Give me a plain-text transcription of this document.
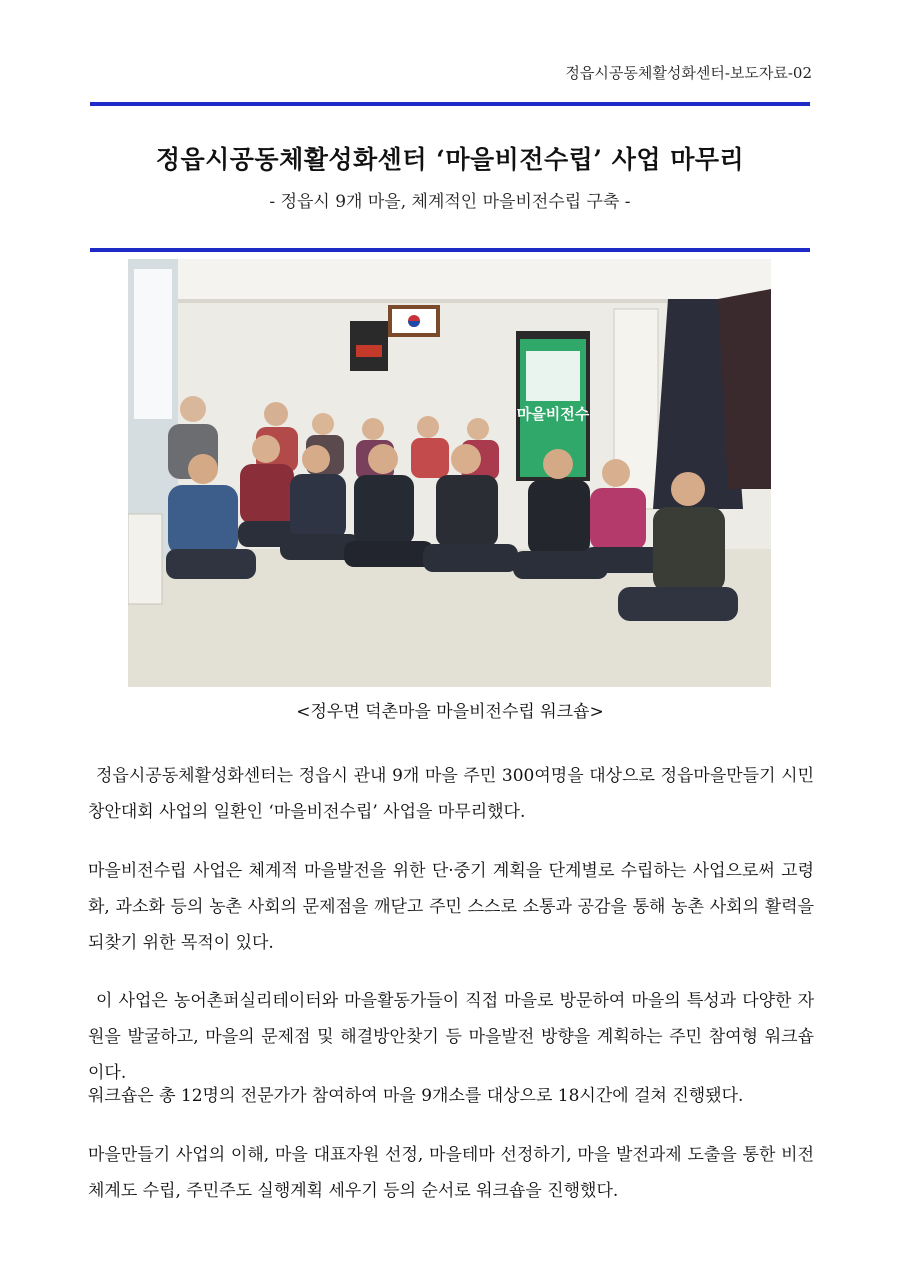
정읍시공동체활성화센터-보도자료-02
정읍시공동체활성화센터 ‘마을비전수립’ 사업 마무리
- 정읍시 9개 마을, 체계적인 마을비전수립 구축 -
마을비전수
<정우면 덕촌마을 마을비전수립 워크숍>

정읍시공동체활성화센터는 정읍시 관내 9개 마을 주민 300여명을 대상으로 정읍마을만들기 시민창안대회 사업의 일환인 ‘마을비전수립’ 사업을 마무리했다.

마을비전수립 사업은 체계적 마을발전을 위한 단·중기 계획을 단계별로 수립하는 사업으로써 고령화, 과소화 등의 농촌 사회의 문제점을 깨닫고 주민 스스로 소통과 공감을 통해 농촌 사회의 활력을 되찾기 위한 목적이 있다.

이 사업은 농어촌퍼실리테이터와 마을활동가들이 직접 마을로 방문하여 마을의 특성과 다양한 자원을 발굴하고, 마을의 문제점 및 해결방안찾기 등 마을발전 방향을 계획하는 주민 참여형 워크숍이다.

워크숍은 총 12명의 전문가가 참여하여 마을 9개소를 대상으로 18시간에 걸쳐 진행됐다.

마을만들기 사업의 이해, 마을 대표자원 선정, 마을테마 선정하기, 마을 발전과제 도출을 통한 비전체계도 수립, 주민주도 실행계획 세우기 등의 순서로 워크숍을 진행했다.
